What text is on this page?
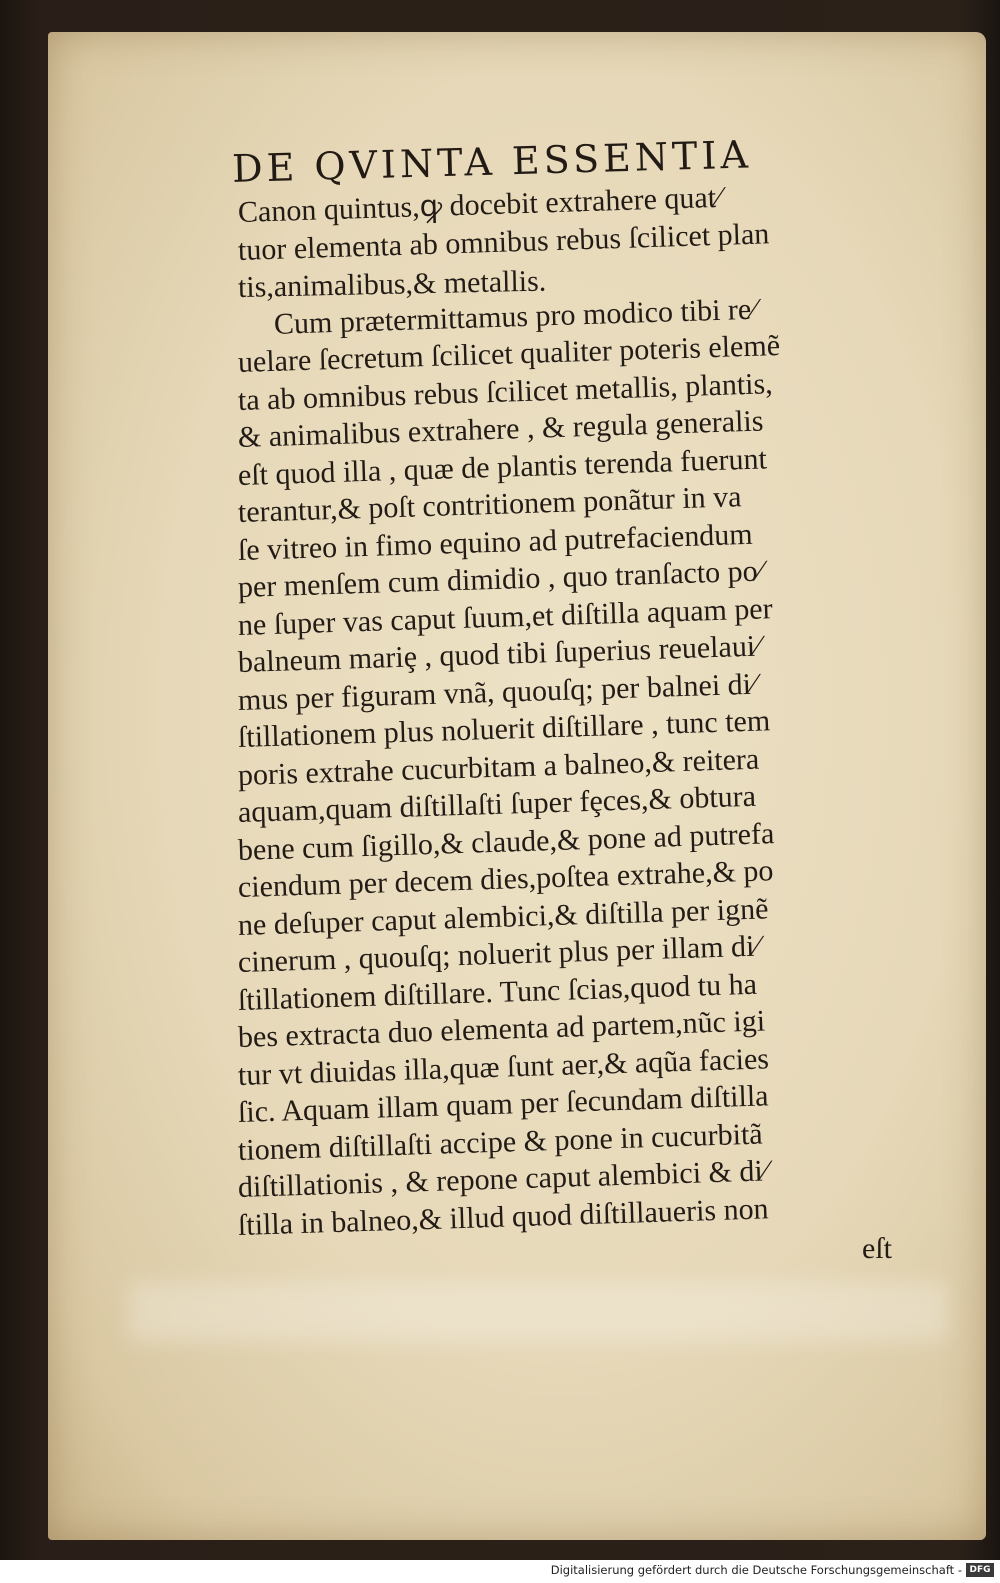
DE QVINTA ESSENTIA
Canon quintus,ꝙ docebit extrahere quat⁄
tuor elementa ab omnibus rebus ſcilicet plan
tis,animalibus,& metallis.
Cum prætermittamus pro modico tibi re⁄
uelare ſecretum ſcilicet qualiter poteris elemẽ
ta ab omnibus rebus ſcilicet metallis, plantis,
& animalibus extrahere , & regula generalis
eſt quod illa , quæ de plantis terenda fuerunt
terantur,& poſt contritionem ponãtur in va
ſe vitreo in fimo equino ad putrefaciendum
per menſem cum dimidio , quo tranſacto po⁄
ne ſuper vas caput ſuum,et diſtilla aquam per
balneum mariȩ , quod tibi ſuperius reuelaui⁄
mus per figuram vnã, quouſq; per balnei di⁄
ſtillationem plus noluerit diſtillare , tunc tem
poris extrahe cucurbitam a balneo,& reitera
aquam,quam diſtillaſti ſuper fȩces,& obtura
bene cum ſigillo,& claude,& pone ad putrefa
ciendum per decem dies,poſtea extrahe,& po
ne deſuper caput alembici,& diſtilla per ignẽ
cinerum , quouſq; noluerit plus per illam di⁄
ſtillationem diſtillare. Tunc ſcias,quod tu ha
bes extracta duo elementa ad partem,nũc igi
tur vt diuidas illa,quæ ſunt aer,& aqũa facies
ſic. Aquam illam quam per ſecundam diſtilla
tionem diſtillaſti accipe & pone in cucurbitã
diſtillationis , & repone caput alembici & di⁄
ſtilla in balneo,& illud quod diſtillaueris non
eſt
Digitalisierung gefördert durch die Deutsche Forschungsgemeinschaft - DFG
